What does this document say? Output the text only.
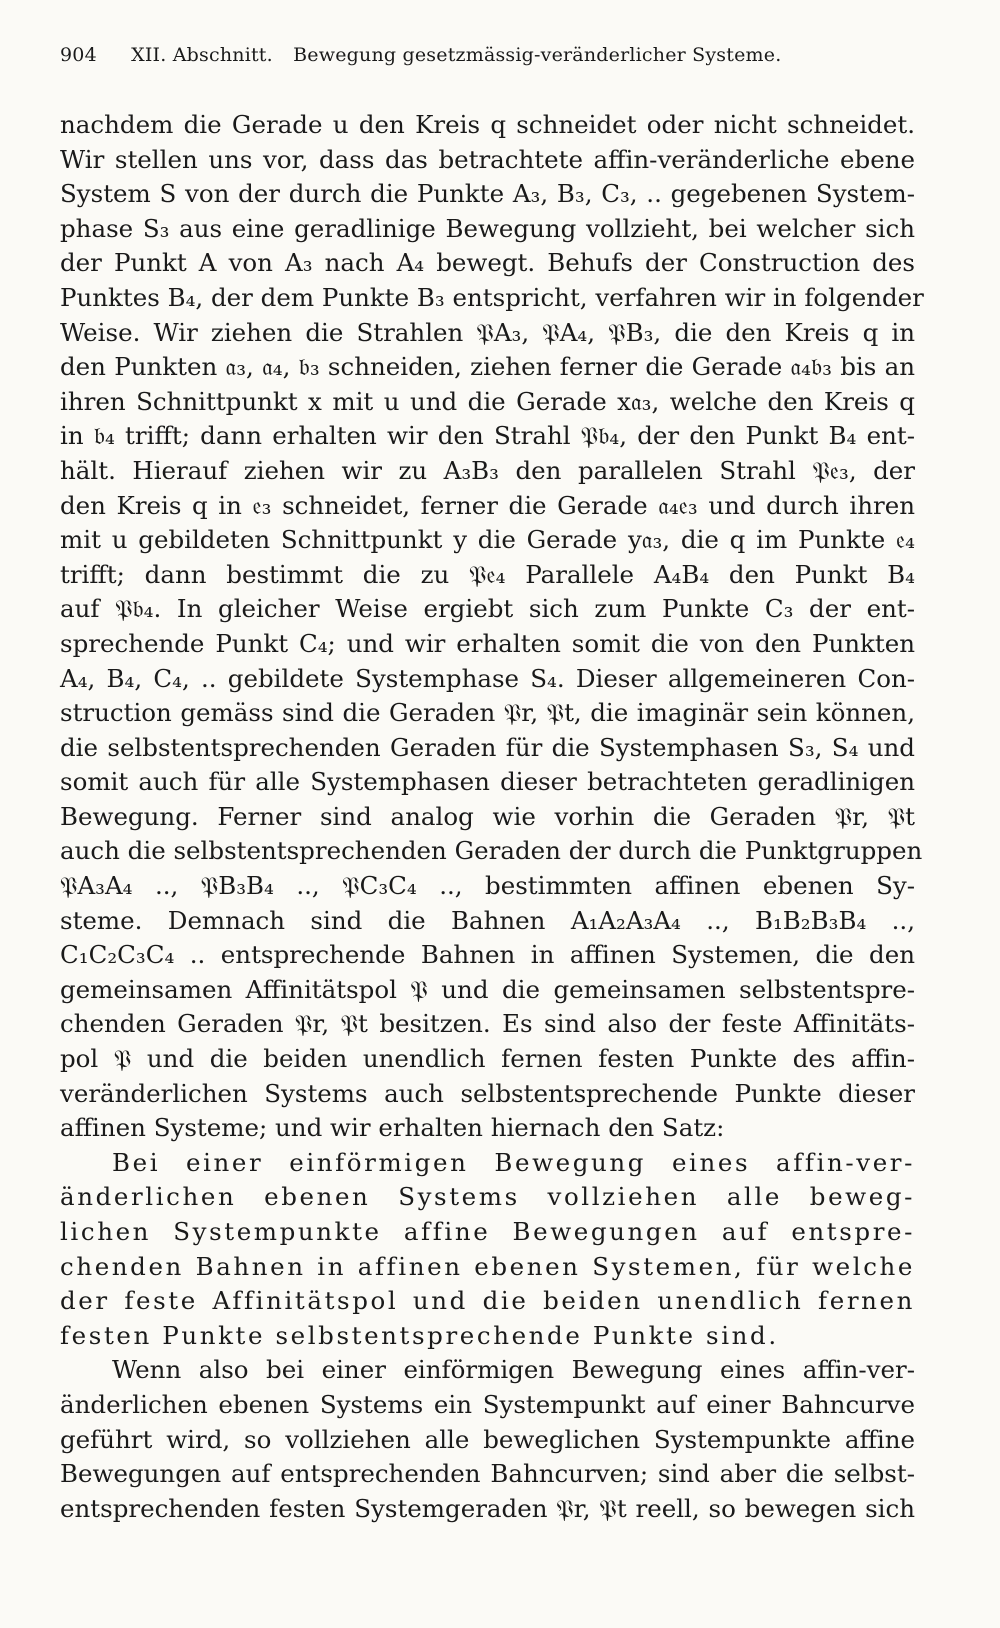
904 XII. Abschnitt. Bewegung gesetzmässig-veränderlicher Systeme.
nachdem die Gerade u den Kreis q schneidet oder nicht schneidet.
Wir stellen uns vor, dass das betrachtete affin-veränderliche ebene
System S von der durch die Punkte A₃, B₃, C₃, .. gegebenen System-
phase S₃ aus eine geradlinige Bewegung vollzieht, bei welcher sich
der Punkt A von A₃ nach A₄ bewegt. Behufs der Construction des
Punktes B₄, der dem Punkte B₃ entspricht, verfahren wir in folgender
Weise. Wir ziehen die Strahlen 𝔓A₃, 𝔓A₄, 𝔓B₃, die den Kreis q in
den Punkten 𝔞₃, 𝔞₄, 𝔟₃ schneiden, ziehen ferner die Gerade 𝔞₄𝔟₃ bis an
ihren Schnittpunkt x mit u und die Gerade x𝔞₃, welche den Kreis q
in 𝔟₄ trifft; dann erhalten wir den Strahl 𝔓𝔟₄, der den Punkt B₄ ent-
hält. Hierauf ziehen wir zu A₃B₃ den parallelen Strahl 𝔓𝔢₃, der
den Kreis q in 𝔢₃ schneidet, ferner die Gerade 𝔞₄𝔢₃ und durch ihren
mit u gebildeten Schnittpunkt y die Gerade y𝔞₃, die q im Punkte 𝔢₄
trifft; dann bestimmt die zu 𝔓𝔢₄ Parallele A₄B₄ den Punkt B₄
auf 𝔓𝔟₄. In gleicher Weise ergiebt sich zum Punkte C₃ der ent-
sprechende Punkt C₄; und wir erhalten somit die von den Punkten
A₄, B₄, C₄, .. gebildete Systemphase S₄. Dieser allgemeineren Con-
struction gemäss sind die Geraden 𝔓r, 𝔓t, die imaginär sein können,
die selbstentsprechenden Geraden für die Systemphasen S₃, S₄ und
somit auch für alle Systemphasen dieser betrachteten geradlinigen
Bewegung. Ferner sind analog wie vorhin die Geraden 𝔓r, 𝔓t
auch die selbstentsprechenden Geraden der durch die Punktgruppen
𝔓A₃A₄ .., 𝔓B₃B₄ .., 𝔓C₃C₄ .., bestimmten affinen ebenen Sy-
steme. Demnach sind die Bahnen A₁A₂A₃A₄ .., B₁B₂B₃B₄ ..,
C₁C₂C₃C₄ .. entsprechende Bahnen in affinen Systemen, die den
gemeinsamen Affinitätspol 𝔓 und die gemeinsamen selbstentspre-
chenden Geraden 𝔓r, 𝔓t besitzen. Es sind also der feste Affinitäts-
pol 𝔓 und die beiden unendlich fernen festen Punkte des affin-
veränderlichen Systems auch selbstentsprechende Punkte dieser
affinen Systeme; und wir erhalten hiernach den Satz:
Bei einer einförmigen Bewegung eines affin-ver-
änderlichen ebenen Systems vollziehen alle beweg-
lichen Systempunkte affine Bewegungen auf entspre-
chenden Bahnen in affinen ebenen Systemen, für welche
der feste Affinitätspol und die beiden unendlich fernen
festen Punkte selbstentsprechende Punkte sind.
Wenn also bei einer einförmigen Bewegung eines affin-ver-
änderlichen ebenen Systems ein Systempunkt auf einer Bahncurve
geführt wird, so vollziehen alle beweglichen Systempunkte affine
Bewegungen auf entsprechenden Bahncurven; sind aber die selbst-
entsprechenden festen Systemgeraden 𝔓r, 𝔓t reell, so bewegen sich
